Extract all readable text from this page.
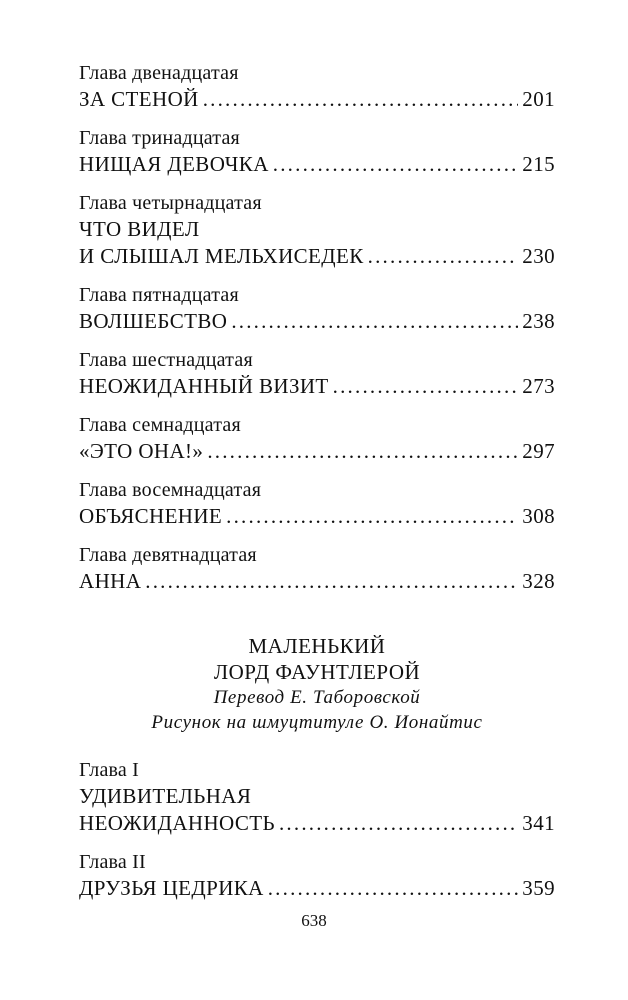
Глава двенадцатая
ЗА СТЕНОЙ .....	201
Глава тринадцатая
НИЩАЯ ДЕВОЧКА .....	215
Глава четырнадцатая
ЧТО ВИДЕЛ
И СЛЫШАЛ МЕЛЬХИСЕДЕК .....	230
Глава пятнадцатая
ВОЛШЕБСТВО .....	238
Глава шестнадцатая
НЕОЖИДАННЫЙ ВИЗИТ .....	273
Глава семнадцатая
«ЭТО ОНА!» .....	297
Глава восемнадцатая
ОБЪЯСНЕНИЕ .....	308
Глава девятнадцатая
АННА .....	328
МАЛЕНЬКИЙ
ЛОРД ФАУНТЛЕРОЙ
Перевод Е. Таборовской
Рисунок на шмуцтитуле О. Ионайтис
Глава I
УДИВИТЕЛЬНАЯ
НЕОЖИДАННОСТЬ .....	341
Глава II
ДРУЗЬЯ ЦЕДРИКА .....	359
638
